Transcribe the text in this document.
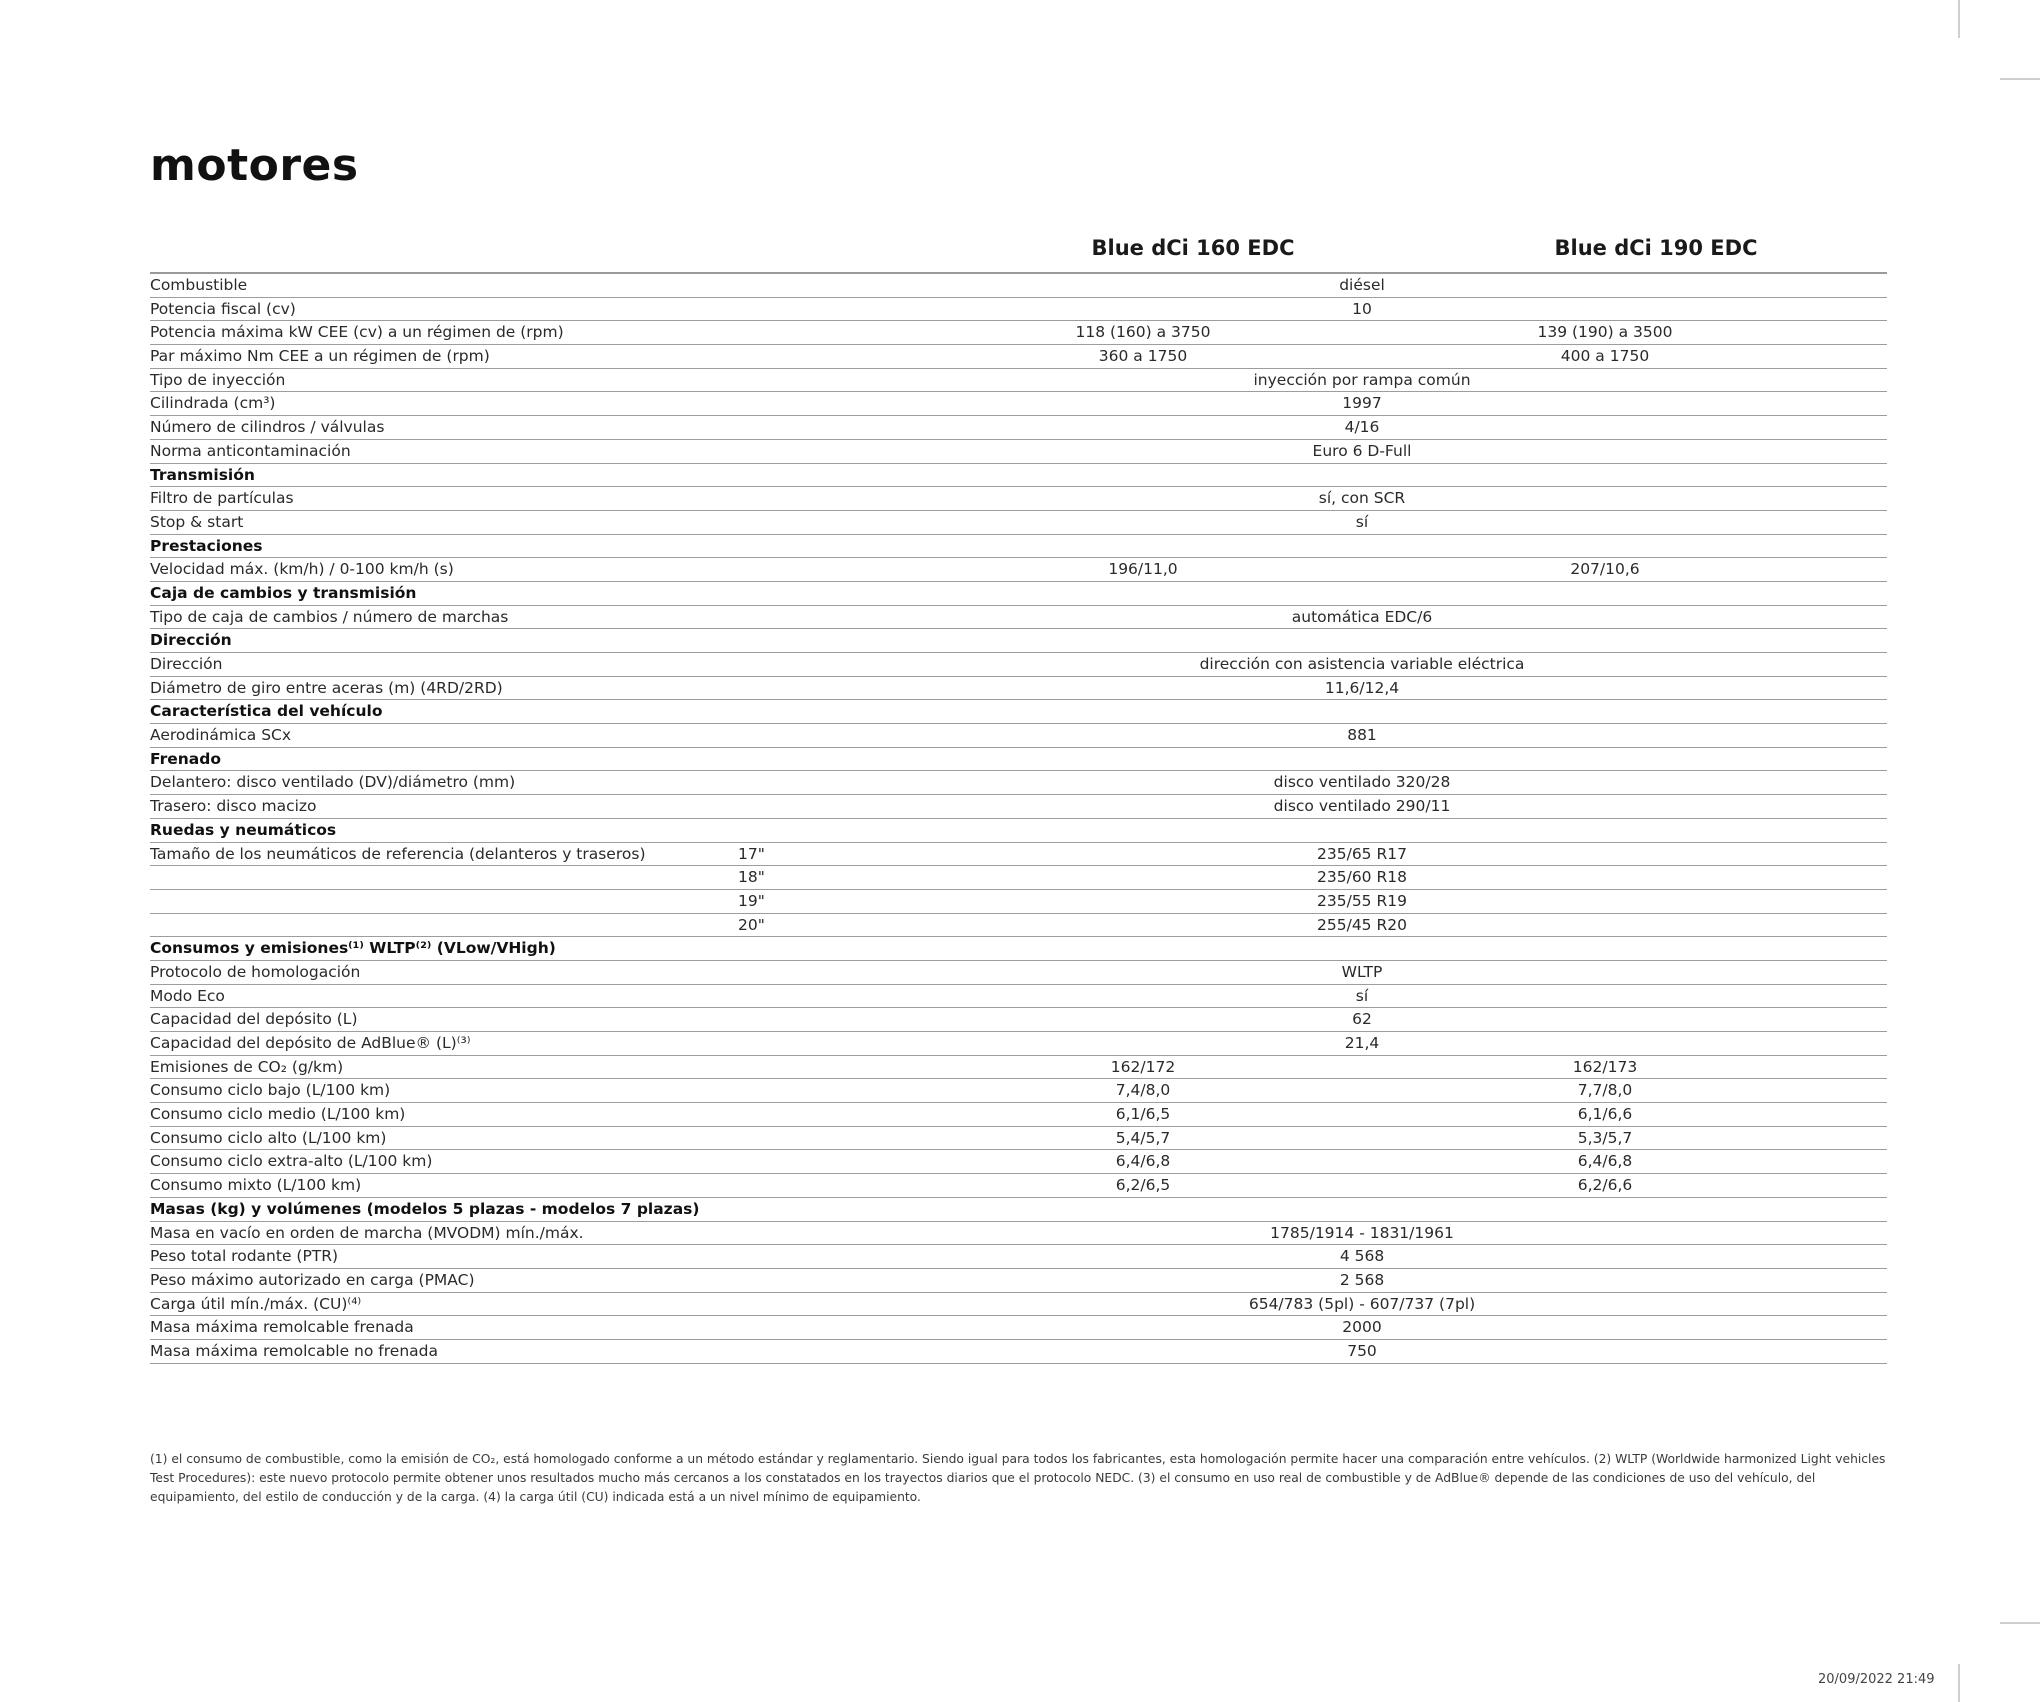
motores
Blue dCi 160 EDC	Blue dCi 190 EDC
Combustible	diésel
Potencia fiscal (cv)	10
Potencia máxima kW CEE (cv) a un régimen de (rpm)	118 (160) a 3750	139 (190) a 3500
Par máximo Nm CEE a un régimen de (rpm)	360 a 1750	400 a 1750
Tipo de inyección	inyección por rampa común
Cilindrada (cm³)	1997
Número de cilindros / válvulas	4/16
Norma anticontaminación	Euro 6 D-Full
Transmisión
Filtro de partículas	sí, con SCR
Stop & start	sí
Prestaciones
Velocidad máx. (km/h) / 0-100 km/h (s)	196/11,0	207/10,6
Caja de cambios y transmisión
Tipo de caja de cambios / número de marchas	automática EDC/6
Dirección
Dirección	dirección con asistencia variable eléctrica
Diámetro de giro entre aceras (m) (4RD/2RD)	11,6/12,4
Característica del vehículo
Aerodinámica SCx	881
Frenado
Delantero: disco ventilado (DV)/diámetro (mm)	disco ventilado 320/28
Trasero: disco macizo	disco ventilado 290/11
Ruedas y neumáticos
Tamaño de los neumáticos de referencia (delanteros y traseros)	17"	235/65 R17
18"	235/60 R18
19"	235/55 R19
20"	255/45 R20
Consumos y emisiones⁽¹⁾ WLTP⁽²⁾ (VLow/VHigh)
Protocolo de homologación	WLTP
Modo Eco	sí
Capacidad del depósito (L)	62
Capacidad del depósito de AdBlue® (L)⁽³⁾	21,4
Emisiones de CO₂ (g/km)	162/172	162/173
Consumo ciclo bajo (L/100 km)	7,4/8,0	7,7/8,0
Consumo ciclo medio (L/100 km)	6,1/6,5	6,1/6,6
Consumo ciclo alto (L/100 km)	5,4/5,7	5,3/5,7
Consumo ciclo extra-alto (L/100 km)	6,4/6,8	6,4/6,8
Consumo mixto (L/100 km)	6,2/6,5	6,2/6,6
Masas (kg) y volúmenes (modelos 5 plazas - modelos 7 plazas)
Masa en vacío en orden de marcha (MVODM) mín./máx.	1785/1914 - 1831/1961
Peso total rodante (PTR)	4 568
Peso máximo autorizado en carga (PMAC)	2 568
Carga útil mín./máx. (CU)⁽⁴⁾	654/783 (5pl) - 607/737 (7pl)
Masa máxima remolcable frenada	2000
Masa máxima remolcable no frenada	750

(1) el consumo de combustible, como la emisión de CO₂, está homologado conforme a un método estándar y reglamentario. Siendo igual para todos los fabricantes, esta homologación permite hacer una comparación entre vehículos. (2) WLTP (Worldwide harmonized Light vehicles Test Procedures): este nuevo protocolo permite obtener unos resultados mucho más cercanos a los constatados en los trayectos diarios que el protocolo NEDC. (3) el consumo en uso real de combustible y de AdBlue® depende de las condiciones de uso del vehículo, del equipamiento, del estilo de conducción y de la carga. (4) la carga útil (CU) indicada está a un nivel mínimo de equipamiento.

20/09/2022 21:49
